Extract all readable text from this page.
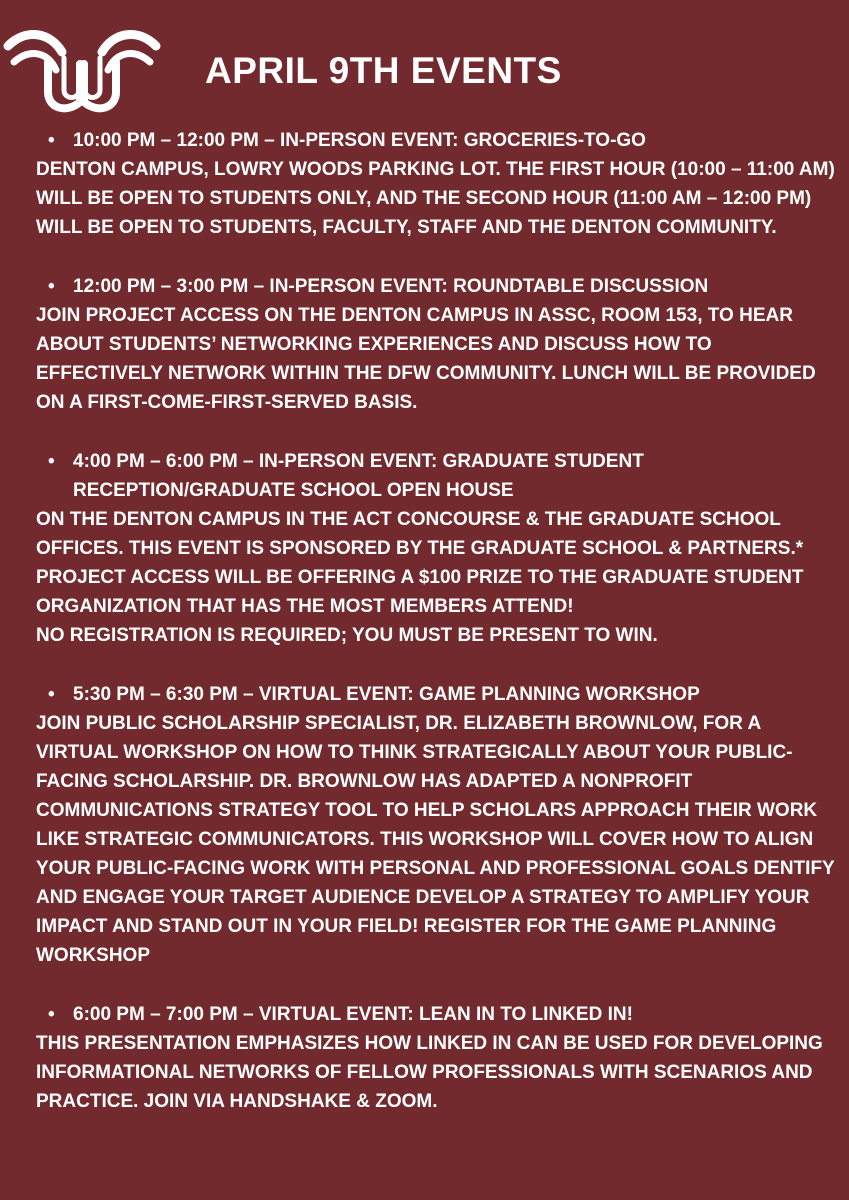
APRIL 9TH EVENTS
• 10:00 PM – 12:00 PM – IN-PERSON EVENT: GROCERIES-TO-GO

DENTON CAMPUS, LOWRY WOODS PARKING LOT. THE FIRST HOUR (10:00 – 11:00 AM) WILL BE OPEN TO STUDENTS ONLY, AND THE SECOND HOUR (11:00 AM – 12:00 PM) WILL BE OPEN TO STUDENTS, FACULTY, STAFF AND THE DENTON COMMUNITY.

• 12:00 PM – 3:00 PM – IN-PERSON EVENT: ROUNDTABLE DISCUSSION

JOIN PROJECT ACCESS ON THE DENTON CAMPUS IN ASSC, ROOM 153, TO HEAR ABOUT STUDENTS’ NETWORKING EXPERIENCES AND DISCUSS HOW TO EFFECTIVELY NETWORK WITHIN THE DFW COMMUNITY. LUNCH WILL BE PROVIDED ON A FIRST-COME-FIRST-SERVED BASIS.

• 4:00 PM – 6:00 PM – IN-PERSON EVENT: GRADUATE STUDENT RECEPTION/GRADUATE SCHOOL OPEN HOUSE

ON THE DENTON CAMPUS IN THE ACT CONCOURSE & THE GRADUATE SCHOOL OFFICES. THIS EVENT IS SPONSORED BY THE GRADUATE SCHOOL & PARTNERS.* PROJECT ACCESS WILL BE OFFERING A $100 PRIZE TO THE GRADUATE STUDENT ORGANIZATION THAT HAS THE MOST MEMBERS ATTEND!

NO REGISTRATION IS REQUIRED; YOU MUST BE PRESENT TO WIN.

• 5:30 PM – 6:30 PM – VIRTUAL EVENT: GAME PLANNING WORKSHOP

JOIN PUBLIC SCHOLARSHIP SPECIALIST, DR. ELIZABETH BROWNLOW, FOR A VIRTUAL WORKSHOP ON HOW TO THINK STRATEGICALLY ABOUT YOUR PUBLIC-FACING SCHOLARSHIP. DR. BROWNLOW HAS ADAPTED A NONPROFIT COMMUNICATIONS STRATEGY TOOL TO HELP SCHOLARS APPROACH THEIR WORK LIKE STRATEGIC COMMUNICATORS. THIS WORKSHOP WILL COVER HOW TO ALIGN YOUR PUBLIC-FACING WORK WITH PERSONAL AND PROFESSIONAL GOALS DENTIFY AND ENGAGE YOUR TARGET AUDIENCE DEVELOP A STRATEGY TO AMPLIFY YOUR IMPACT AND STAND OUT IN YOUR FIELD! REGISTER FOR THE GAME PLANNING WORKSHOP

• 6:00 PM – 7:00 PM – VIRTUAL EVENT: LEAN IN TO LINKED IN!

THIS PRESENTATION EMPHASIZES HOW LINKED IN CAN BE USED FOR DEVELOPING INFORMATIONAL NETWORKS OF FELLOW PROFESSIONALS WITH SCENARIOS AND PRACTICE. JOIN VIA HANDSHAKE & ZOOM.
